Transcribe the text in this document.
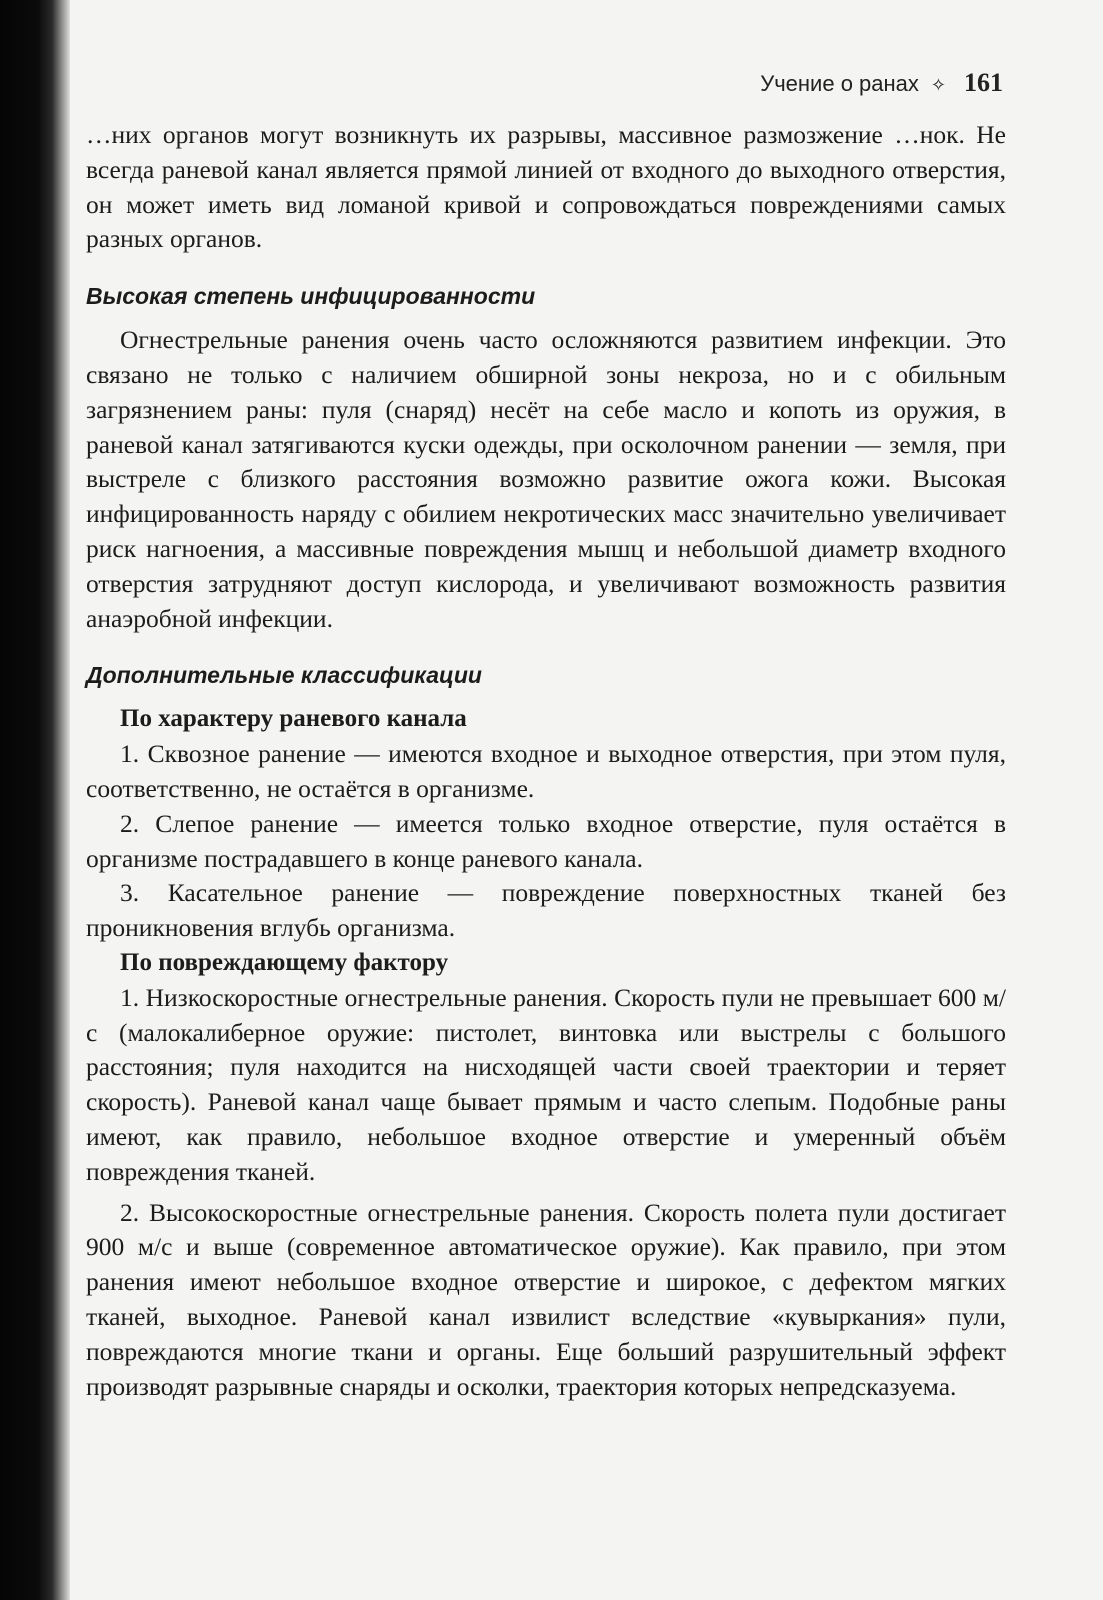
Учение о ранах ✧ 161

…них органов могут возникнуть их разрывы, массивное размозжение …нок. Не всегда раневой канал является прямой линией от входного до выходного отверстия, он может иметь вид ломаной кривой и сопровождаться повреждениями самых разных органов.

Высокая степень инфицированности

Огнестрельные ранения очень часто осложняются развитием инфекции. Это связано не только с наличием обширной зоны некроза, но и с обильным загрязнением раны: пуля (снаряд) несёт на себе масло и копоть из оружия, в раневой канал затягиваются куски одежды, при осколочном ранении — земля, при выстреле с близкого расстояния возможно развитие ожога кожи. Высокая инфицированность наряду с обилием некротических масс значительно увеличивает риск нагноения, а массивные повреждения мышц и небольшой диаметр входного отверстия затрудняют доступ кислорода, и увеличивают возможность развития анаэробной инфекции.

Дополнительные классификации
По характеру раневого канала

1. Сквозное ранение — имеются входное и выходное отверстия, при этом пуля, соответственно, не остаётся в организме.

2. Слепое ранение — имеется только входное отверстие, пуля остаётся в организме пострадавшего в конце раневого канала.

3. Касательное ранение — повреждение поверхностных тканей без проникновения вглубь организма.

По повреждающему фактору

1. Низкоскоростные огнестрельные ранения. Скорость пули не превышает 600 м/с (малокалиберное оружие: пистолет, винтовка или выстрелы с большого расстояния; пуля находится на нисходящей части своей траектории и теряет скорость). Раневой канал чаще бывает прямым и часто слепым. Подобные раны имеют, как правило, небольшое входное отверстие и умеренный объём повреждения тканей.

2. Высокоскоростные огнестрельные ранения. Скорость полета пули достигает 900 м/с и выше (современное автоматическое оружие). Как правило, при этом ранения имеют небольшое входное отверстие и широкое, с дефектом мягких тканей, выходное. Раневой канал извилист вследствие «кувыркания» пули, повреждаются многие ткани и органы. Еще больший разрушительный эффект производят разрывные снаряды и осколки, траектория которых непредсказуема.
